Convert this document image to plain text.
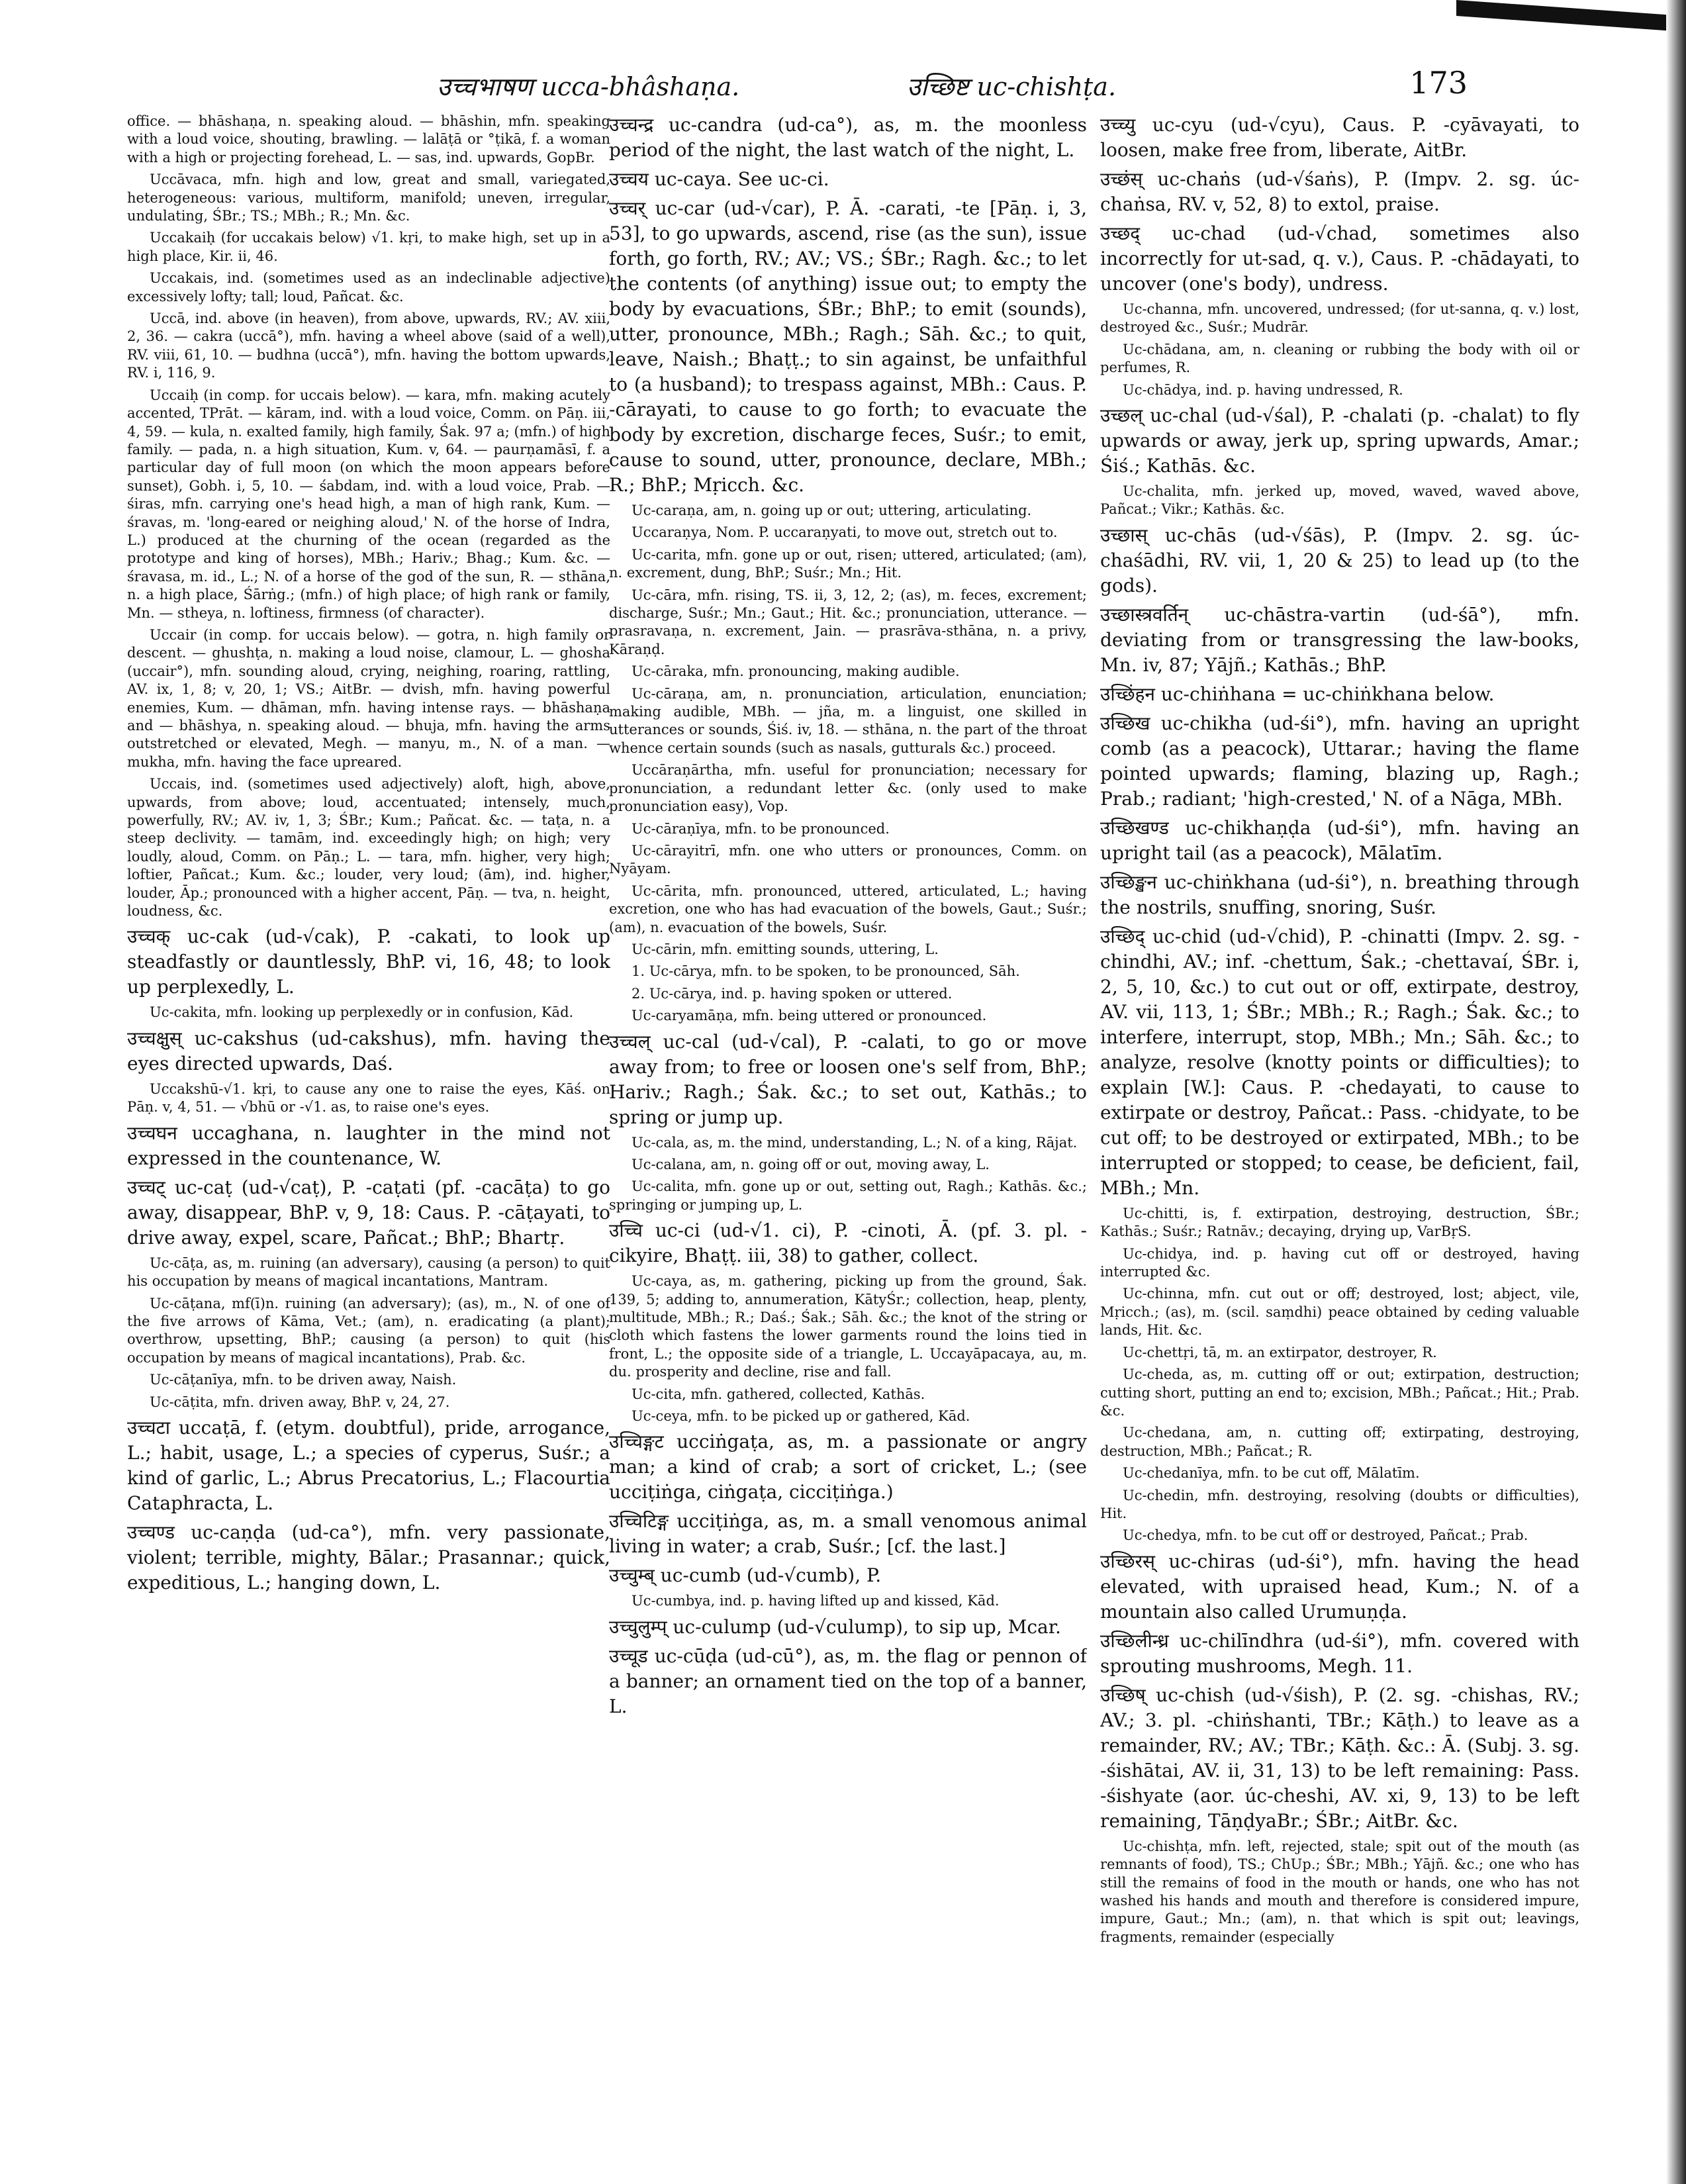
उच्चभाषण ucca-bhâshaṇa.	उच्छिष्ट uc-chishṭa.	173

office. — bhāshaṇa, n. speaking aloud. — bhāshin, mfn. speaking with a loud voice, shouting, brawling. — lalāṭā or °ṭikā, f. a woman with a high or projecting forehead, L. — sas, ind. upwards, GopBr.

Uccāvaca, mfn. high and low, great and small, variegated, heterogeneous: various, multiform, manifold; uneven, irregular, undulating, ŚBr.; TS.; MBh.; R.; Mn. &c.

Uccakaiḥ (for uccakais below) √1. kṛi, to make high, set up in a high place, Kir. ii, 46.

Uccakais, ind. (sometimes used as an indeclinable adjective) excessively lofty; tall; loud, Pañcat. &c.

Uccā, ind. above (in heaven), from above, upwards, RV.; AV. xiii, 2, 36. — cakra (uccā°), mfn. having a wheel above (said of a well), RV. viii, 61, 10. — budhna (uccā°), mfn. having the bottom upwards, RV. i, 116, 9.

Uccaiḥ (in comp. for uccais below). — kara, mfn. making acutely accented, TPrāt. — kāram, ind. with a loud voice, Comm. on Pāṇ. iii, 4, 59. — kula, n. exalted family, high family, Śak. 97 a; (mfn.) of high family. — pada, n. a high situation, Kum. v, 64. — paurṇamāsī, f. a particular day of full moon (on which the moon appears before sunset), Gobh. i, 5, 10. — śabdam, ind. with a loud voice, Prab. — śiras, mfn. carrying one's head high, a man of high rank, Kum. — śravas, m. 'long-eared or neighing aloud,' N. of the horse of Indra, L.) produced at the churning of the ocean (regarded as the prototype and king of horses), MBh.; Hariv.; Bhag.; Kum. &c. — śravasa, m. id., L.; N. of a horse of the god of the sun, R. — sthāna, n. a high place, Śārṅg.; (mfn.) of high place; of high rank or family, Mn. — stheya, n. loftiness, firmness (of character).

Uccair (in comp. for uccais below). — gotra, n. high family or descent. — ghushṭa, n. making a loud noise, clamour, L. — ghosha (uccair°), mfn. sounding aloud, crying, neighing, roaring, rattling, AV. ix, 1, 8; v, 20, 1; VS.; AitBr. — dvish, mfn. having powerful enemies, Kum. — dhāman, mfn. having intense rays. — bhāshaṇa and — bhāshya, n. speaking aloud. — bhuja, mfn. having the arms outstretched or elevated, Megh. — manyu, m., N. of a man. — mukha, mfn. having the face upreared.

Uccais, ind. (sometimes used adjectively) aloft, high, above, upwards, from above; loud, accentuated; intensely, much, powerfully, RV.; AV. iv, 1, 3; ŚBr.; Kum.; Pañcat. &c. — taṭa, n. a steep declivity. — tamām, ind. exceedingly high; on high; very loudly, aloud, Comm. on Pāṇ.; L. — tara, mfn. higher, very high; loftier, Pañcat.; Kum. &c.; louder, very loud; (ām), ind. higher, louder, Āp.; pronounced with a higher accent, Pāṇ. — tva, n. height, loudness, &c.

उच्चक् uc-cak (ud-√cak), P. -cakati, to look up steadfastly or dauntlessly, BhP. vi, 16, 48; to look up perplexedly, L.

Uc-cakita, mfn. looking up perplexedly or in confusion, Kād.

उच्चक्षुस् uc-cakshus (ud-cakshus), mfn. having the eyes directed upwards, Daś.

Uccakshū-√1. kṛi, to cause any one to raise the eyes, Kāś. on Pāṇ. v, 4, 51. — √bhū or -√1. as, to raise one's eyes.

उच्चघन uccaghana, n. laughter in the mind not expressed in the countenance, W.

उच्चट् uc-caṭ (ud-√caṭ), P. -caṭati (pf. -cacāṭa) to go away, disappear, BhP. v, 9, 18: Caus. P. -cāṭayati, to drive away, expel, scare, Pañcat.; BhP.; Bhartṛ.

Uc-cāṭa, as, m. ruining (an adversary), causing (a person) to quit his occupation by means of magical incantations, Mantram.

Uc-cāṭana, mf(ī)n. ruining (an adversary); (as), m., N. of one of the five arrows of Kāma, Vet.; (am), n. eradicating (a plant); overthrow, upsetting, BhP.; causing (a person) to quit (his occupation by means of magical incantations), Prab. &c.

Uc-cāṭanīya, mfn. to be driven away, Naish.

Uc-cāṭita, mfn. driven away, BhP. v, 24, 27.

उच्चटा uccaṭā, f. (etym. doubtful), pride, arrogance, L.; habit, usage, L.; a species of cyperus, Suśr.; a kind of garlic, L.; Abrus Precatorius, L.; Flacourtia Cataphracta, L.

उच्चण्ड uc-caṇḍa (ud-ca°), mfn. very passionate, violent; terrible, mighty, Bālar.; Prasannar.; quick, expeditious, L.; hanging down, L.

उच्चन्द्र uc-candra (ud-ca°), as, m. the moonless period of the night, the last watch of the night, L.

उच्चय uc-caya. See uc-ci.

उच्चर् uc-car (ud-√car), P. Ā. -carati, -te [Pāṇ. i, 3, 53], to go upwards, ascend, rise (as the sun), issue forth, go forth, RV.; AV.; VS.; ŚBr.; Ragh. &c.; to let the contents (of anything) issue out; to empty the body by evacuations, ŚBr.; BhP.; to emit (sounds), utter, pronounce, MBh.; Ragh.; Sāh. &c.; to quit, leave, Naish.; Bhaṭṭ.; to sin against, be unfaithful to (a husband); to trespass against, MBh.: Caus. P. -cārayati, to cause to go forth; to evacuate the body by excretion, discharge feces, Suśr.; to emit, cause to sound, utter, pronounce, declare, MBh.; R.; BhP.; Mṛicch. &c.

Uc-caraṇa, am, n. going up or out; uttering, articulating.

Uccaraṇya, Nom. P. uccaraṇyati, to move out, stretch out to.

Uc-carita, mfn. gone up or out, risen; uttered, articulated; (am), n. excrement, dung, BhP.; Suśr.; Mn.; Hit.

Uc-cāra, mfn. rising, TS. ii, 3, 12, 2; (as), m. feces, excrement; discharge, Suśr.; Mn.; Gaut.; Hit. &c.; pronunciation, utterance. — prasravaṇa, n. excrement, Jain. — prasrāva-sthāna, n. a privy, Kāraṇḍ.

Uc-cāraka, mfn. pronouncing, making audible.

Uc-cāraṇa, am, n. pronunciation, articulation, enunciation; making audible, MBh. — jña, m. a linguist, one skilled in utterances or sounds, Śiś. iv, 18. — sthāna, n. the part of the throat whence certain sounds (such as nasals, gutturals &c.) proceed.

Uccāraṇārtha, mfn. useful for pronunciation; necessary for pronunciation, a redundant letter &c. (only used to make pronunciation easy), Vop.

Uc-cāraṇīya, mfn. to be pronounced.

Uc-cārayitrī, mfn. one who utters or pronounces, Comm. on Nyāyam.

Uc-cārita, mfn. pronounced, uttered, articulated, L.; having excretion, one who has had evacuation of the bowels, Gaut.; Suśr.; (am), n. evacuation of the bowels, Suśr.

Uc-cārin, mfn. emitting sounds, uttering, L.

1. Uc-cārya, mfn. to be spoken, to be pronounced, Sāh.

2. Uc-cārya, ind. p. having spoken or uttered.

Uc-caryamāṇa, mfn. being uttered or pronounced.

उच्चल् uc-cal (ud-√cal), P. -calati, to go or move away from; to free or loosen one's self from, BhP.; Hariv.; Ragh.; Śak. &c.; to set out, Kathās.; to spring or jump up.

Uc-cala, as, m. the mind, understanding, L.; N. of a king, Rājat.

Uc-calana, am, n. going off or out, moving away, L.

Uc-calita, mfn. gone up or out, setting out, Ragh.; Kathās. &c.; springing or jumping up, L.

उच्चि uc-ci (ud-√1. ci), P. -cinoti, Ā. (pf. 3. pl. -cikyire, Bhaṭṭ. iii, 38) to gather, collect.

Uc-caya, as, m. gathering, picking up from the ground, Śak. 139, 5; adding to, annumeration, KātyŚr.; collection, heap, plenty, multitude, MBh.; R.; Daś.; Śak.; Sāh. &c.; the knot of the string or cloth which fastens the lower garments round the loins tied in front, L.; the opposite side of a triangle, L. Uccayāpacaya, au, m. du. prosperity and decline, rise and fall.

Uc-cita, mfn. gathered, collected, Kathās.

Uc-ceya, mfn. to be picked up or gathered, Kād.

उच्चिङ्गट ucciṅgaṭa, as, m. a passionate or angry man; a kind of crab; a sort of cricket, L.; (see ucciṭiṅga, ciṅgaṭa, cicciṭiṅga.)

उच्चिटिङ्ग ucciṭiṅga, as, m. a small venomous animal living in water; a crab, Suśr.; [cf. the last.]

उच्चुम्ब् uc-cumb (ud-√cumb), P.

Uc-cumbya, ind. p. having lifted up and kissed, Kād.

उच्चुलुम्प् uc-culump (ud-√culump), to sip up, Mcar.

उच्चूड uc-cūḍa (ud-cū°), as, m. the flag or pennon of a banner; an ornament tied on the top of a banner, L.

उच्च्यु uc-cyu (ud-√cyu), Caus. P. -cyāvayati, to loosen, make free from, liberate, AitBr.

उच्छंस् uc-chaṅs (ud-√śaṅs), P. (Impv. 2. sg. úc-chaṅsa, RV. v, 52, 8) to extol, praise.

उच्छद् uc-chad (ud-√chad, sometimes also incorrectly for ut-sad, q. v.), Caus. P. -chādayati, to uncover (one's body), undress.

Uc-channa, mfn. uncovered, undressed; (for ut-sanna, q. v.) lost, destroyed &c., Suśr.; Mudrār.

Uc-chādana, am, n. cleaning or rubbing the body with oil or perfumes, R.

Uc-chādya, ind. p. having undressed, R.

उच्छल् uc-chal (ud-√śal), P. -chalati (p. -chalat) to fly upwards or away, jerk up, spring upwards, Amar.; Śiś.; Kathās. &c.

Uc-chalita, mfn. jerked up, moved, waved, waved above, Pañcat.; Vikr.; Kathās. &c.

उच्छास् uc-chās (ud-√śās), P. (Impv. 2. sg. úc-chaśādhi, RV. vii, 1, 20 & 25) to lead up (to the gods).

उच्छास्त्रवर्तिन् uc-chāstra-vartin (ud-śā°), mfn. deviating from or transgressing the law-books, Mn. iv, 87; Yājñ.; Kathās.; BhP.

उच्छिंहन uc-chiṅhana = uc-chiṅkhana below.

उच्छिख uc-chikha (ud-śi°), mfn. having an upright comb (as a peacock), Uttarar.; having the flame pointed upwards; flaming, blazing up, Ragh.; Prab.; radiant; 'high-crested,' N. of a Nāga, MBh.

उच्छिखण्ड uc-chikhaṇḍa (ud-śi°), mfn. having an upright tail (as a peacock), Mālatīm.

उच्छिङ्खन uc-chiṅkhana (ud-śi°), n. breathing through the nostrils, snuffing, snoring, Suśr.

उच्छिद् uc-chid (ud-√chid), P. -chinatti (Impv. 2. sg. -chindhi, AV.; inf. -chettum, Śak.; -chettavaí, ŚBr. i, 2, 5, 10, &c.) to cut out or off, extirpate, destroy, AV. vii, 113, 1; ŚBr.; MBh.; R.; Ragh.; Śak. &c.; to interfere, interrupt, stop, MBh.; Mn.; Sāh. &c.; to analyze, resolve (knotty points or difficulties); to explain [W.]: Caus. P. -chedayati, to cause to extirpate or destroy, Pañcat.: Pass. -chidyate, to be cut off; to be destroyed or extirpated, MBh.; to be interrupted or stopped; to cease, be deficient, fail, MBh.; Mn.

Uc-chitti, is, f. extirpation, destroying, destruction, ŚBr.; Kathās.; Suśr.; Ratnāv.; decaying, drying up, VarBṛS.

Uc-chidya, ind. p. having cut off or destroyed, having interrupted &c.

Uc-chinna, mfn. cut out or off; destroyed, lost; abject, vile, Mṛicch.; (as), m. (scil. saṃdhi) peace obtained by ceding valuable lands, Hit. &c.

Uc-chettṛi, tā, m. an extirpator, destroyer, R.

Uc-cheda, as, m. cutting off or out; extirpation, destruction; cutting short, putting an end to; excision, MBh.; Pañcat.; Hit.; Prab. &c.

Uc-chedana, am, n. cutting off; extirpating, destroying, destruction, MBh.; Pañcat.; R.

Uc-chedanīya, mfn. to be cut off, Mālatīm.

Uc-chedin, mfn. destroying, resolving (doubts or difficulties), Hit.

Uc-chedya, mfn. to be cut off or destroyed, Pañcat.; Prab.

उच्छिरस् uc-chiras (ud-śi°), mfn. having the head elevated, with upraised head, Kum.; N. of a mountain also called Urumuṇḍa.

उच्छिलीन्ध्र uc-chilīndhra (ud-śi°), mfn. covered with sprouting mushrooms, Megh. 11.

उच्छिष् uc-chish (ud-√śish), P. (2. sg. -chishas, RV.; AV.; 3. pl. -chiṅshanti, TBr.; Kāṭh.) to leave as a remainder, RV.; AV.; TBr.; Kāṭh. &c.: Ā. (Subj. 3. sg. -śishātai, AV. ii, 31, 13) to be left remaining: Pass. -śishyate (aor. úc-cheshi, AV. xi, 9, 13) to be left remaining, TāṇḍyaBr.; ŚBr.; AitBr. &c.

Uc-chishṭa, mfn. left, rejected, stale; spit out of the mouth (as remnants of food), TS.; ChUp.; ŚBr.; MBh.; Yājñ. &c.; one who has still the remains of food in the mouth or hands, one who has not washed his hands and mouth and therefore is considered impure, impure, Gaut.; Mn.; (am), n. that which is spit out; leavings, fragments, remainder (especially
